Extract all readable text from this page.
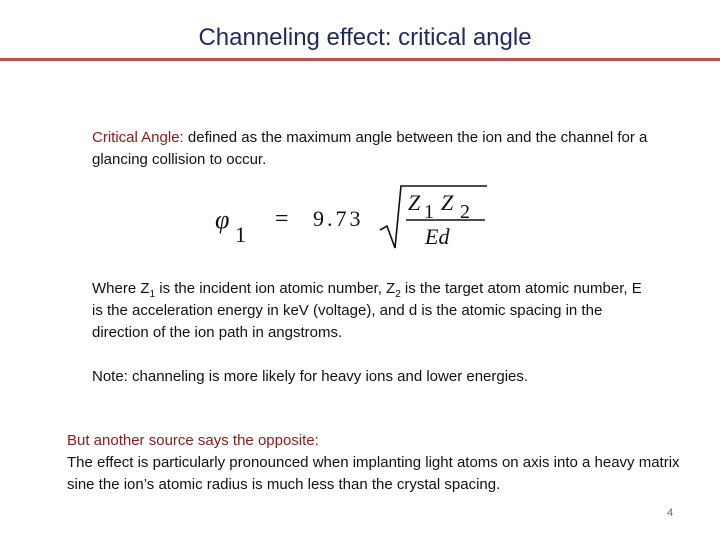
Channeling effect: critical angle

Critical Angle: defined as the maximum angle between the ion and the channel for a glancing collision to occur.

φ
1
= 9.73
Z 1 Z 2
Ed

Where $Z_1$ is the incident ion atomic number, $Z_2$ is the target atom atomic number, E is the acceleration energy in keV (voltage), and d is the atomic spacing in the direction of the ion path in angstroms.

Note: channeling is more likely for heavy ions and lower energies.

But another source says the opposite:
The effect is particularly pronounced when implanting light atoms on axis into a heavy matrix sine the ion’s atomic radius is much less than the crystal spacing.

4
